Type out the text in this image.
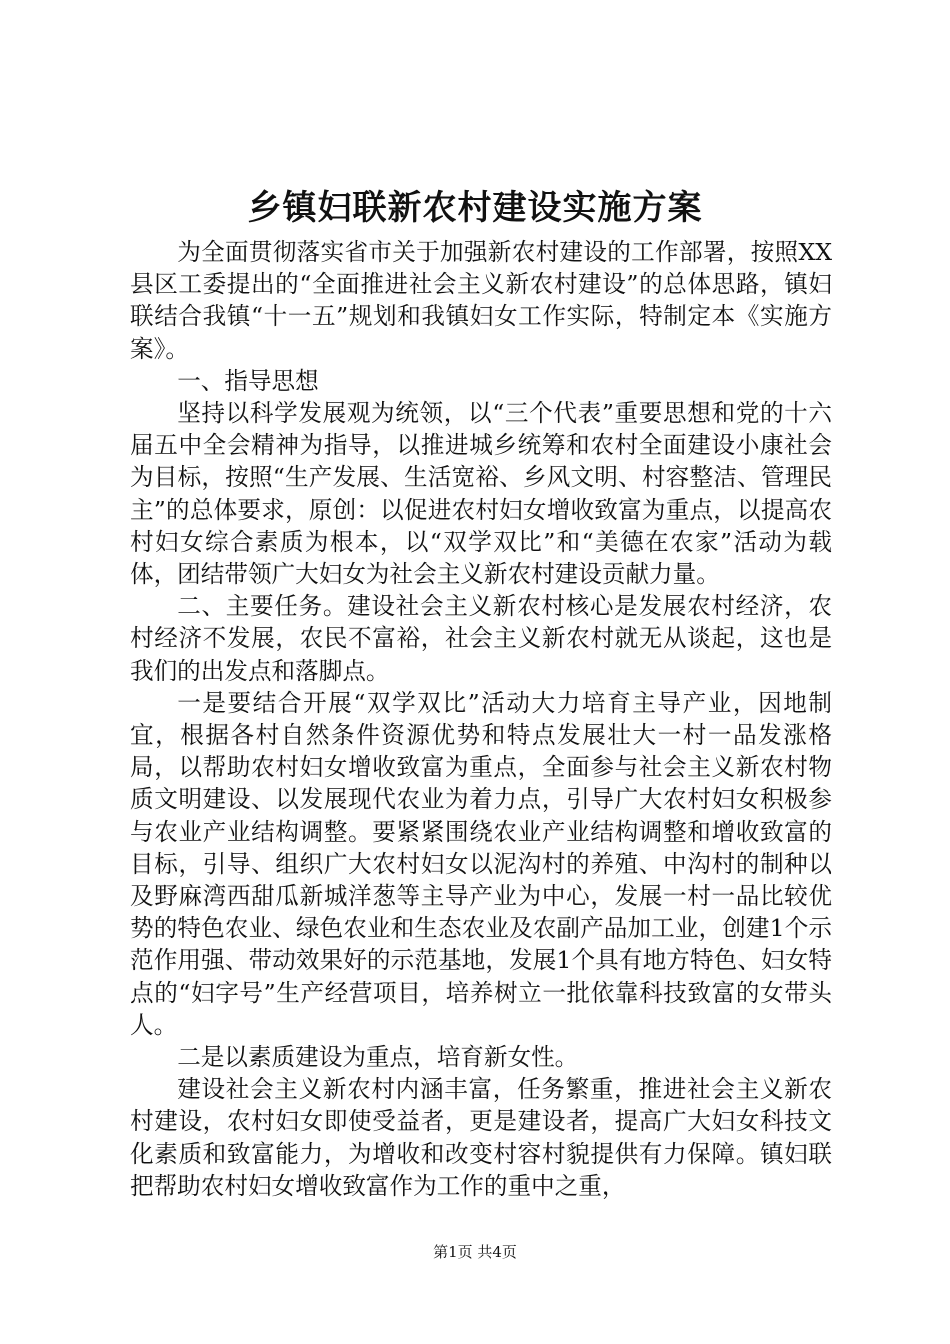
乡镇妇联新农村建设实施方案

为全面贯彻落实省市关于加强新农村建设的工作部署，按照XX县区工委提出的“全面推进社会主义新农村建设”的总体思路，镇妇联结合我镇“十一五”规划和我镇妇女工作实际，特制定本《实施方案》。

一、指导思想

坚持以科学发展观为统领，以“三个代表”重要思想和党的十六届五中全会精神为指导，以推进城乡统筹和农村全面建设小康社会为目标，按照“生产发展、生活宽裕、乡风文明、村容整洁、管理民主”的总体要求，原创：以促进农村妇女增收致富为重点，以提高农村妇女综合素质为根本，以“双学双比”和“美德在农家”活动为载体，团结带领广大妇女为社会主义新农村建设贡献力量。

二、主要任务。建设社会主义新农村核心是发展农村经济，农村经济不发展，农民不富裕，社会主义新农村就无从谈起，这也是我们的出发点和落脚点。

一是要结合开展“双学双比”活动大力培育主导产业，因地制宜，根据各村自然条件资源优势和特点发展壮大一村一品发涨格局，以帮助农村妇女增收致富为重点，全面参与社会主义新农村物质文明建设、以发展现代农业为着力点，引导广大农村妇女积极参与农业产业结构调整。要紧紧围绕农业产业结构调整和增收致富的目标，引导、组织广大农村妇女以泥沟村的养殖、中沟村的制种以及野麻湾西甜瓜新城洋葱等主导产业为中心，发展一村一品比较优势的特色农业、绿色农业和生态农业及农副产品加工业，创建1个示范作用强、带动效果好的示范基地，发展1个具有地方特色、妇女特点的“妇字号”生产经营项目，培养树立一批依靠科技致富的女带头人。

二是以素质建设为重点，培育新女性。

建设社会主义新农村内涵丰富，任务繁重，推进社会主义新农村建设，农村妇女即使受益者，更是建设者，提高广大妇女科技文化素质和致富能力，为增收和改变村容村貌提供有力保障。镇妇联把帮助农村妇女增收致富作为工作的重中之重，

第1页 共4页
